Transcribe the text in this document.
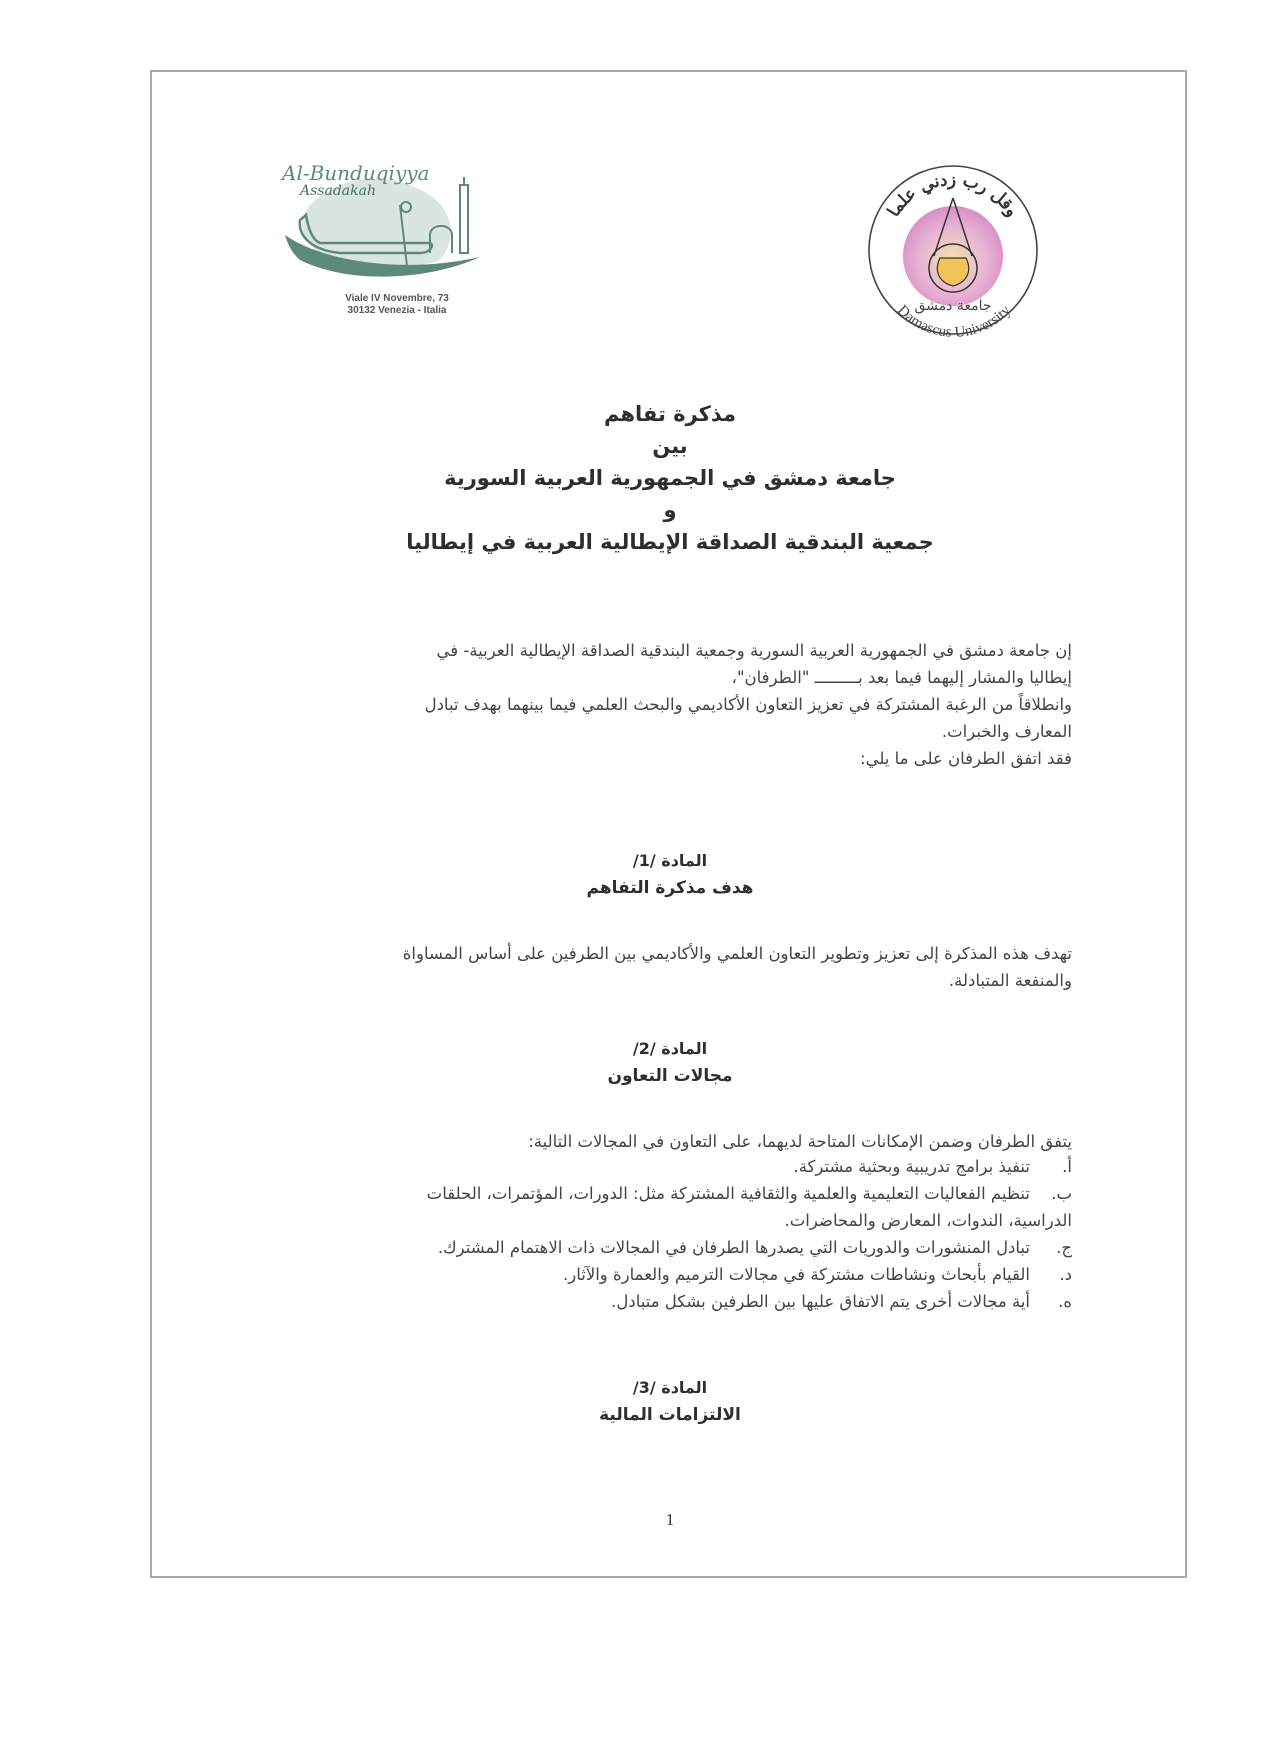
Al-Bunduqiyya
Assadakah
Viale IV Novembre, 73
30132 Venezia - Italia
وقل رب زدني علما
جامعة دمشق
Damascus University
مذكرة تفاهم
بين
جامعة دمشق في الجمهورية العربية السورية
و
جمعية البندقية الصداقة الإيطالية العربية في إيطاليا
إن جامعة دمشق في الجمهورية العربية السورية وجمعية البندقية الصداقة الإيطالية العربية- في
إيطاليا والمشار إليهما فيما بعد بـــــــــ "الطرفان"،
وانطلاقاً من الرغبة المشتركة في تعزيز التعاون الأكاديمي والبحث العلمي فيما بينهما بهدف تبادل
المعارف والخبرات.
فقد اتفق الطرفان على ما يلي:
المادة /1/
هدف مذكرة التفاهم
تهدف هذه المذكرة إلى تعزيز وتطوير التعاون العلمي والأكاديمي بين الطرفين على أساس المساواة
والمنفعة المتبادلة.
المادة /2/
مجالات التعاون
يتفق الطرفان وضمن الإمكانات المتاحة لديهما، على التعاون في المجالات التالية:
أ.
تنفيذ برامج تدريبية وبحثية مشتركة.
ب.
تنظيم الفعاليات التعليمية والعلمية والثقافية المشتركة مثل: الدورات، المؤتمرات، الحلقات
الدراسية، الندوات، المعارض والمحاضرات.
ج.
تبادل المنشورات والدوريات التي يصدرها الطرفان في المجالات ذات الاهتمام المشترك.
د.
القيام بأبحاث ونشاطات مشتركة في مجالات الترميم والعمارة والآثار.
ه.
أية مجالات أخرى يتم الاتفاق عليها بين الطرفين بشكل متبادل.
المادة /3/
الالتزامات المالية
1
